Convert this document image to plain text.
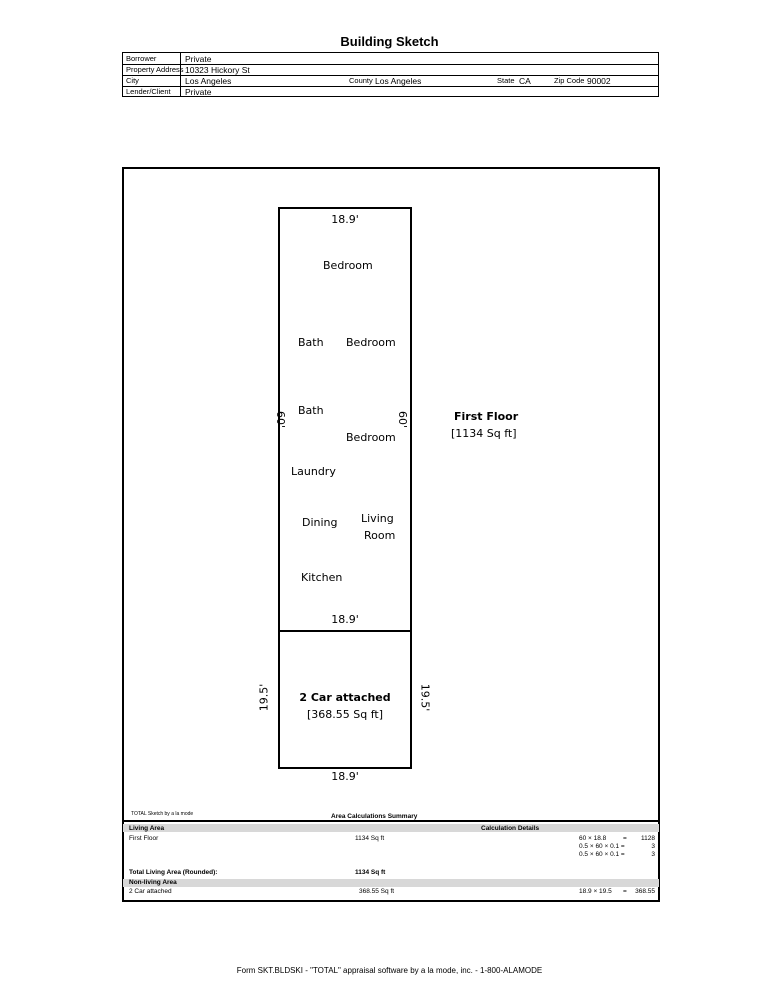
Building Sketch
Borrower	Private
Property Address 10323 Hickory St
City	Los Angeles	County Los Angeles	State CA	Zip Code 90002
Lender/Client Private
18.9'
Bedroom
Bath Bedroom
Bath
Bedroom
Laundry
Dining Living
Room
Kitchen
18.9'
60'	60'	First Floor
[1134 Sq ft]
2 Car attached
[368.55 Sq ft]
19.5'	19.5'
18.9'
TOTAL Sketch by a la mode	Area Calculations Summary
Living Area	Calculation Details
First Floor	1134 Sq ft	60 × 18.8	=	1128
0.5 × 60 × 0.1 =	3
0.5 × 60 × 0.1 =	3
Total Living Area (Rounded):	1134 Sq ft
Non-living Area
2 Car attached	368.55 Sq ft	18.9 × 19.5 =	368.55
Form SKT.BLDSKI - "TOTAL" appraisal software by a la mode, inc. - 1-800-ALAMODE
